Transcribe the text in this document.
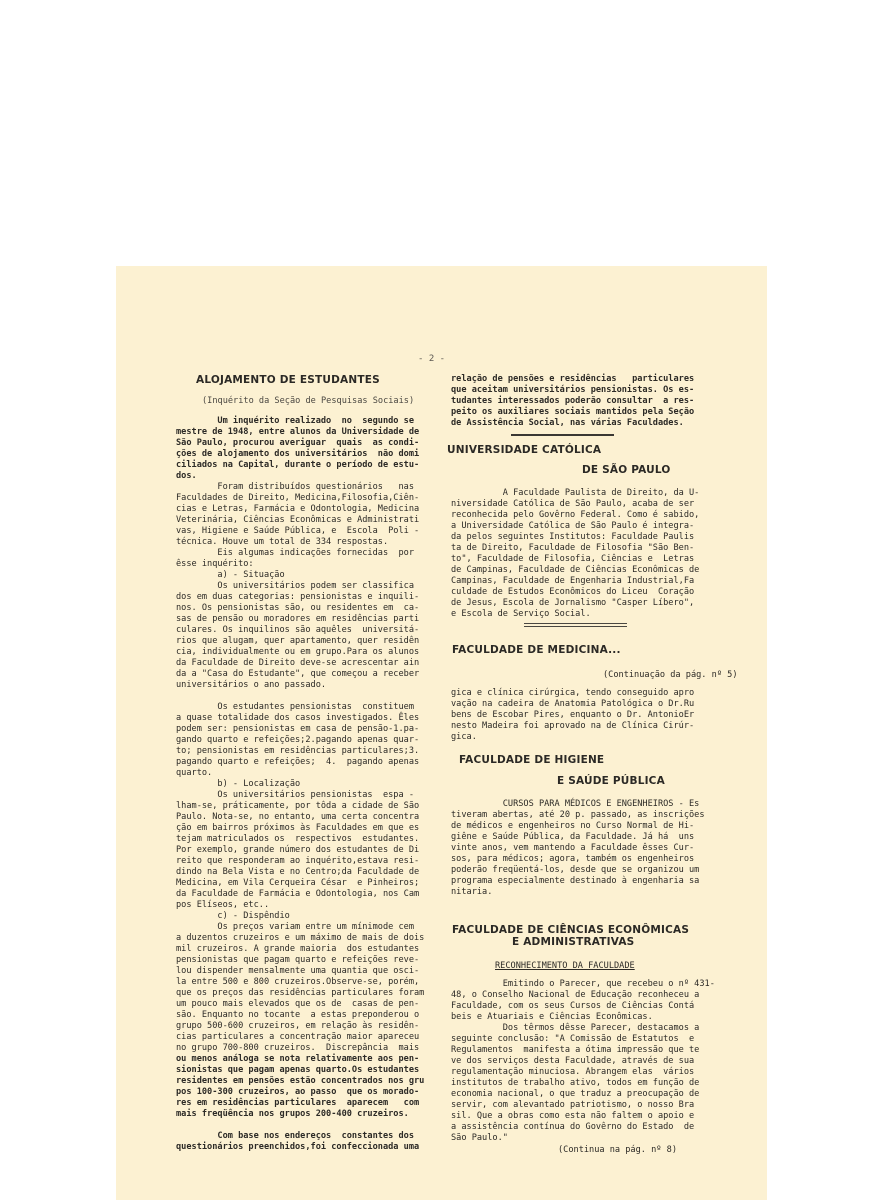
- 2 -
ALOJAMENTO DE ESTUDANTES
(Inquérito da Seção de Pesquisas Sociais)
Um inquérito realizado  no  segundo se
mestre de 1948, entre alunos da Universidade de
São Paulo, procurou averiguar  quais  as condi-
ções de alojamento dos universitários  não domi
ciliados na Capital, durante o período de estu-
dos.
Foram distribuídos questionários   nas
Faculdades de Direito, Medicina,Filosofia,Ciên-
cias e Letras, Farmácia e Odontologia, Medicina
Veterinária, Ciências Econômicas e Administrati
vas, Higiene e Saúde Pública, e  Escola  Poli -
técnica. Houve um total de 334 respostas.
Eis algumas indicações fornecidas  por
êsse inquérito:
a) - Situação
Os universitários podem ser classifica
dos em duas categorias: pensionistas e inquili-
nos. Os pensionistas são, ou residentes em  ca-
sas de pensão ou moradores em residências parti
culares. Os inquilinos são aquêles  universitá-
rios que alugam, quer apartamento, quer residên
cia, individualmente ou em grupo.Para os alunos
da Faculdade de Direito deve-se acrescentar ain
da a "Casa do Estudante", que começou a receber
universitários o ano passado.
Os estudantes pensionistas  constituem
a quase totalidade dos casos investigados. Êles
podem ser: pensionistas em casa de pensão-1.pa-
gando quarto e refeições;2.pagando apenas quar-
to; pensionistas em residências particulares;3.
pagando quarto e refeições;  4.  pagando apenas
quarto.
b) - Localização
Os universitários pensionistas  espa -
lham-se, práticamente, por tôda a cidade de São
Paulo. Nota-se, no entanto, uma certa concentra
ção em bairros próximos às Faculdades em que es
tejam matriculados os  respectivos  estudantes.
Por exemplo, grande número dos estudantes de Di
reito que responderam ao inquérito,estava resi-
dindo na Bela Vista e no Centro;da Faculdade de
Medicina, em Vila Cerqueira César  e Pinheiros;
da Faculdade de Farmácia e Odontologia, nos Cam
pos Elíseos, etc..
c) - Dispêndio
Os preços variam entre um mínimode cem
a duzentos cruzeiros e um máximo de mais de dois
mil cruzeiros. A grande maioria  dos estudantes
pensionistas que pagam quarto e refeições reve-
lou dispender mensalmente uma quantia que osci-
la entre 500 e 800 cruzeiros.Observe-se, porém,
que os preços das residências particulares foram
um pouco mais elevados que os de  casas de pen-
são. Enquanto no tocante  a estas preponderou o
grupo 500-600 cruzeiros, em relação às residên-
cias particulares a concentração maior apareceu
no grupo 700-800 cruzeiros.  Discrepância  mais
ou menos análoga se nota relativamente aos pen-
sionistas que pagam apenas quarto.Os estudantes
residentes em pensões estão concentrados nos gru
pos 100-300 cruzeiros, ao passo  que os morado-
res em residências particulares  aparecem   com
mais freqüência nos grupos 200-400 cruzeiros.
Com base nos endereços  constantes dos
questionários preenchidos,foi confeccionada uma
relação de pensões e residências   particulares
que aceitam universitários pensionistas. Os es-
tudantes interessados poderão consultar  a res-
peito os auxiliares sociais mantidos pela Seção
de Assistência Social, nas várias Faculdades.
UNIVERSIDADE CATÓLICA
DE SÃO PAULO
A Faculdade Paulista de Direito, da U-
niversidade Católica de São Paulo, acaba de ser
reconhecida pelo Govêrno Federal. Como é sabido,
a Universidade Católica de São Paulo é integra-
da pelos seguintes Institutos: Faculdade Paulis
ta de Direito, Faculdade de Filosofia "São Ben-
to", Faculdade de Filosofia, Ciências e  Letras
de Campinas, Faculdade de Ciências Econômicas de
Campinas, Faculdade de Engenharia Industrial,Fa
culdade de Estudos Econômicos do Liceu  Coração
de Jesus, Escola de Jornalismo "Casper Líbero",
e Escola de Serviço Social.
FACULDADE DE MEDICINA...
(Continuação da pág. nº 5)
gica e clínica cirúrgica, tendo conseguido apro
vação na cadeira de Anatomia Patológica o Dr.Ru
bens de Escobar Pires, enquanto o Dr. AntonioEr
nesto Madeira foi aprovado na de Clínica Cirúr-
gica.
FACULDADE DE HIGIENE
E SAÚDE PÚBLICA
CURSOS PARA MÉDICOS E ENGENHEIROS - Es
tiveram abertas, até 20 p. passado, as inscrições
de médicos e engenheiros no Curso Normal de Hi-
giêne e Saúde Pública, da Faculdade. Já há  uns
vinte anos, vem mantendo a Faculdade êsses Cur-
sos, para médicos; agora, também os engenheiros
poderão freqüentá-los, desde que se organizou um
programa especialmente destinado à engenharia sa
nitaria.
FACULDADE DE CIÊNCIAS ECONÔMICAS
E ADMINISTRATIVAS
RECONHECIMENTO DA FACULDADE
Emitindo o Parecer, que recebeu o nº 431-
48, o Conselho Nacional de Educação reconheceu a
Faculdade, com os seus Cursos de Ciências Contá
beis e Atuariais e Ciências Econômicas.
Dos têrmos dêsse Parecer, destacamos a
seguinte conclusão: "A Comissão de Estatutos  e
Regulamentos  manifesta a ótima impressão que te
ve dos serviços desta Faculdade, através de sua
regulamentação minuciosa. Abrangem elas  vários
institutos de trabalho ativo, todos em função de
economia nacional, o que traduz a preocupação de
servir, com alevantado patriotismo, o nosso Bra
sil. Que a obras como esta não faltem o apoio e
a assistência contínua do Govêrno do Estado  de
São Paulo."
(Continua na pág. nº 8)
